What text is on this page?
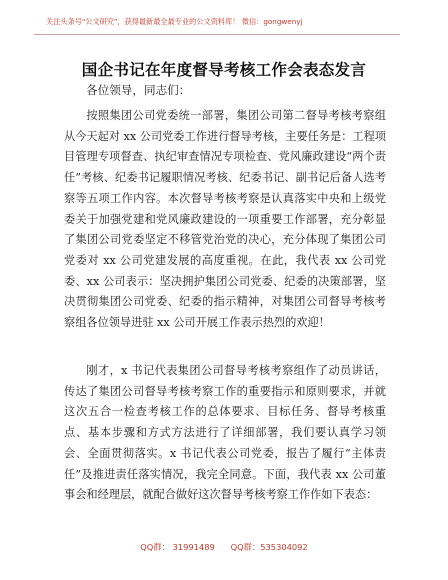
关注头条号"公文研究"，获得最新最全最专业的公文资料库！ 微信：gongwenyj
国企书记在年度督导考核工作会表态发言
各位领导，同志们：
按照集团公司党委统一部署，集团公司第二督导考核考察组从今天起对 xx 公司党委工作进行督导考核，主要任务是：工程项目管理专项督查、执纪审查情况专项检查、党风廉政建设“两个责任”考核、纪委书记履职情况考核、纪委书记、副书记后备人选考察等五项工作内容。本次督导考核考察是认真落实中央和上级党委关于加强党建和党风廉政建设的一项重要工作部署，充分彰显了集团公司党委坚定不移管党治党的决心，充分体现了集团公司党委对 xx 公司党建发展的高度重视。在此，我代表 xx 公司党委、xx 公司表示：坚决拥护集团公司党委、纪委的决策部署，坚决贯彻集团公司党委、纪委的指示精神，对集团公司督导考核考察组各位领导进驻 xx 公司开展工作表示热烈的欢迎！
刚才，x 书记代表集团公司督导考核考察组作了动员讲话，传达了集团公司督导考核考察工作的重要指示和原则要求，并就这次五合一检查考核工作的总体要求、目标任务、督导考核重点、基本步骤和方式方法进行了详细部署，我们要认真学习领会、全面贯彻落实。x 书记代表公司党委，报告了履行“主体责任”及推进责任落实情况，我完全同意。下面，我代表 xx 公司董事会和经理层，就配合做好这次督导考核考察工作作如下表态：
QQ群： 31991489      QQ群：535304092
